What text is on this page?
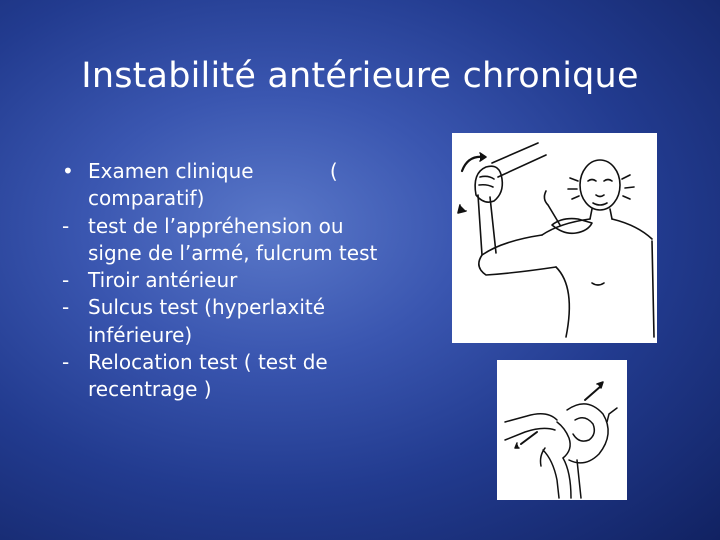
Instabilité antérieure chronique
• Examen clinique            ( comparatif)
- test de l’appréhension ou signe de l’armé, fulcrum test
- Tiroir antérieur
- Sulcus test (hyperlaxité inférieure)
- Relocation test ( test de recentrage )
